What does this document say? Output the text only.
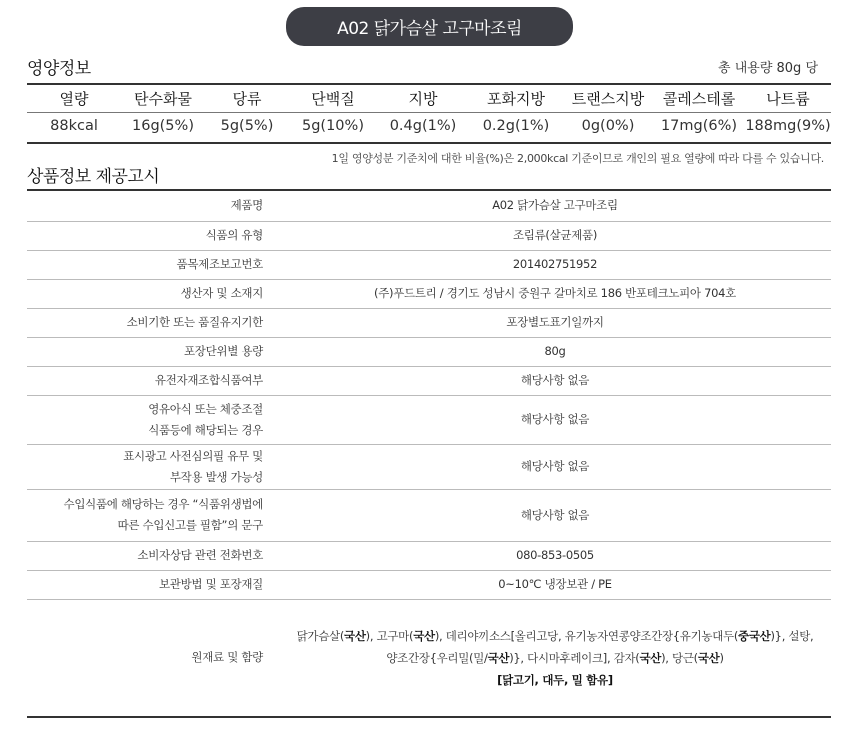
A02 닭가슴살 고구마조림
영양정보	총 내용량 80g 당
열량	탄수화물	당류	단백질	지방	포화지방	트랜스지방	콜레스테롤	나트륨
88kcal	16g(5%)	5g(5%)	5g(10%)	0.4g(1%)	0.2g(1%)	0g(0%)	17mg(6%) 188mg(9%)
1일 영양성분 기준치에 대한 비율(%)은 2,000kcal 기준이므로 개인의 필요 열량에 따라 다를 수 있습니다.
상품정보 제공고시
제품명	A02 닭가슴살 고구마조림
식품의 유형	조림류(살균제품)
품목제조보고번호	201402751952
생산자 및 소재지	(주)푸드트리 / 경기도 성남시 중원구 갈마치로 186 반포테크노피아 704호
소비기한 또는 품질유지기한	포장별도표기일까지
포장단위별 용량	80g
유전자재조합식품여부	해당사항 없음

영유아식 또는 체중조절
식품등에 해당되는 경우	해당사항 없음

표시광고 사전심의필 유무 및
부작용 발생 가능성	해당사항 없음

수입식품에 해당하는 경우 “식품위생법에
따른 수입신고를 필함”의 문구	해당사항 없음
소비자상담 관련 전화번호	080-853-0505
보관방법 및 포장재질	0~10℃ 냉장보관 / PE
원재료 및 함량	닭가슴살(국산), 고구마(국산), 데리야끼소스[올리고당, 유기농자연콩양조간장{유기농대두(중국산)}, 설탕,
양조간장{우리밀(밀/국산)}, 다시마후레이크], 감자(국산), 당근(국산)
[닭고기, 대두, 밀 함유]
